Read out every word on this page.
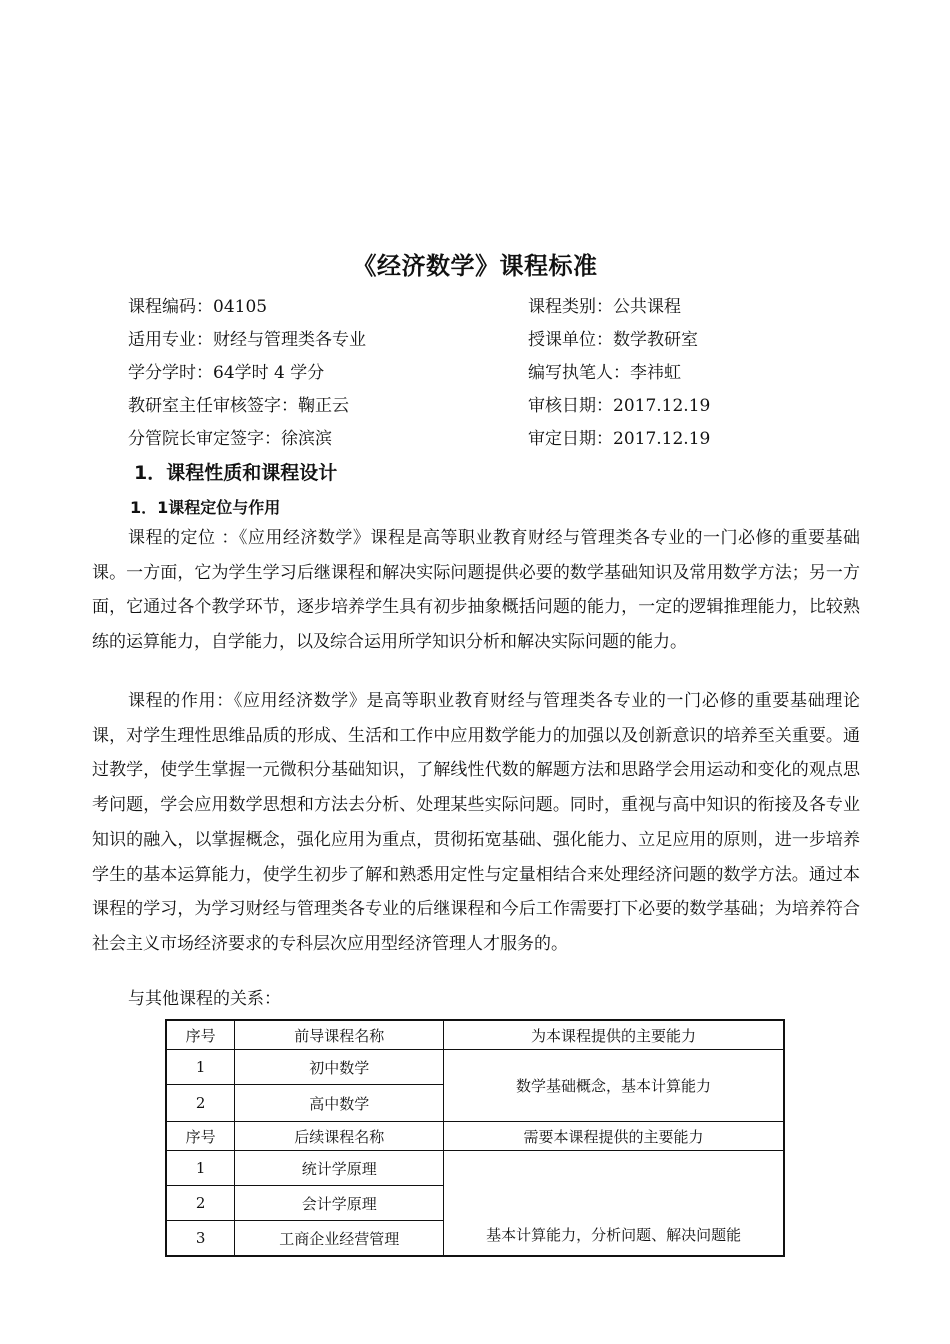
《经济数学》课程标准
课程编码：04105	课程类别：公共课程
适用专业：财经与管理类各专业	授课单位：数学教研室
学分学时：64学时 4 学分	编写执笔人：李祎虹
教研室主任审核签字：鞠正云	审核日期：2017.12.19
分管院长审定签字：徐滨滨	审定日期：2017.12.19
1．课程性质和课程设计
1．1课程定位与作用

课程的定位 ：《应用经济数学》课程是高等职业教育财经与管理类各专业的一门必修的重要基础课。一方面，它为学生学习后继课程和解决实际问题提供必要的数学基础知识及常用数学方法；另一方面，它通过各个教学环节，逐步培养学生具有初步抽象概括问题的能力，一定的逻辑推理能力，比较熟练的运算能力，自学能力，以及综合运用所学知识分析和解决实际问题的能力。

课程的作用：《应用经济数学》是高等职业教育财经与管理类各专业的一门必修的重要基础理论课，对学生理性思维品质的形成、生活和工作中应用数学能力的加强以及创新意识的培养至关重要。通过教学，使学生掌握一元微积分基础知识，了解线性代数的解题方法和思路学会用运动和变化的观点思考问题，学会应用数学思想和方法去分析、处理某些实际问题。同时，重视与高中知识的衔接及各专业知识的融入，以掌握概念，强化应用为重点，贯彻拓宽基础、强化能力、立足应用的原则，进一步培养学生的基本运算能力，使学生初步了解和熟悉用定性与定量相结合来处理经济问题的数学方法。通过本课程的学习，为学习财经与管理类各专业的后继课程和今后工作需要打下必要的数学基础；为培养符合社会主义市场经济要求的专科层次应用型经济管理人才服务的。

与其他课程的关系：
序号	前导课程名称	为本课程提供的主要能力
1	初中数学	数学基础概念，基本计算能力
2	高中数学	
序号	后续课程名称	需要本课程提供的主要能力
1	统计学原理	基本计算能力，分析问题、解决问题能
2	会计学原理	
3	工商企业经营管理	
